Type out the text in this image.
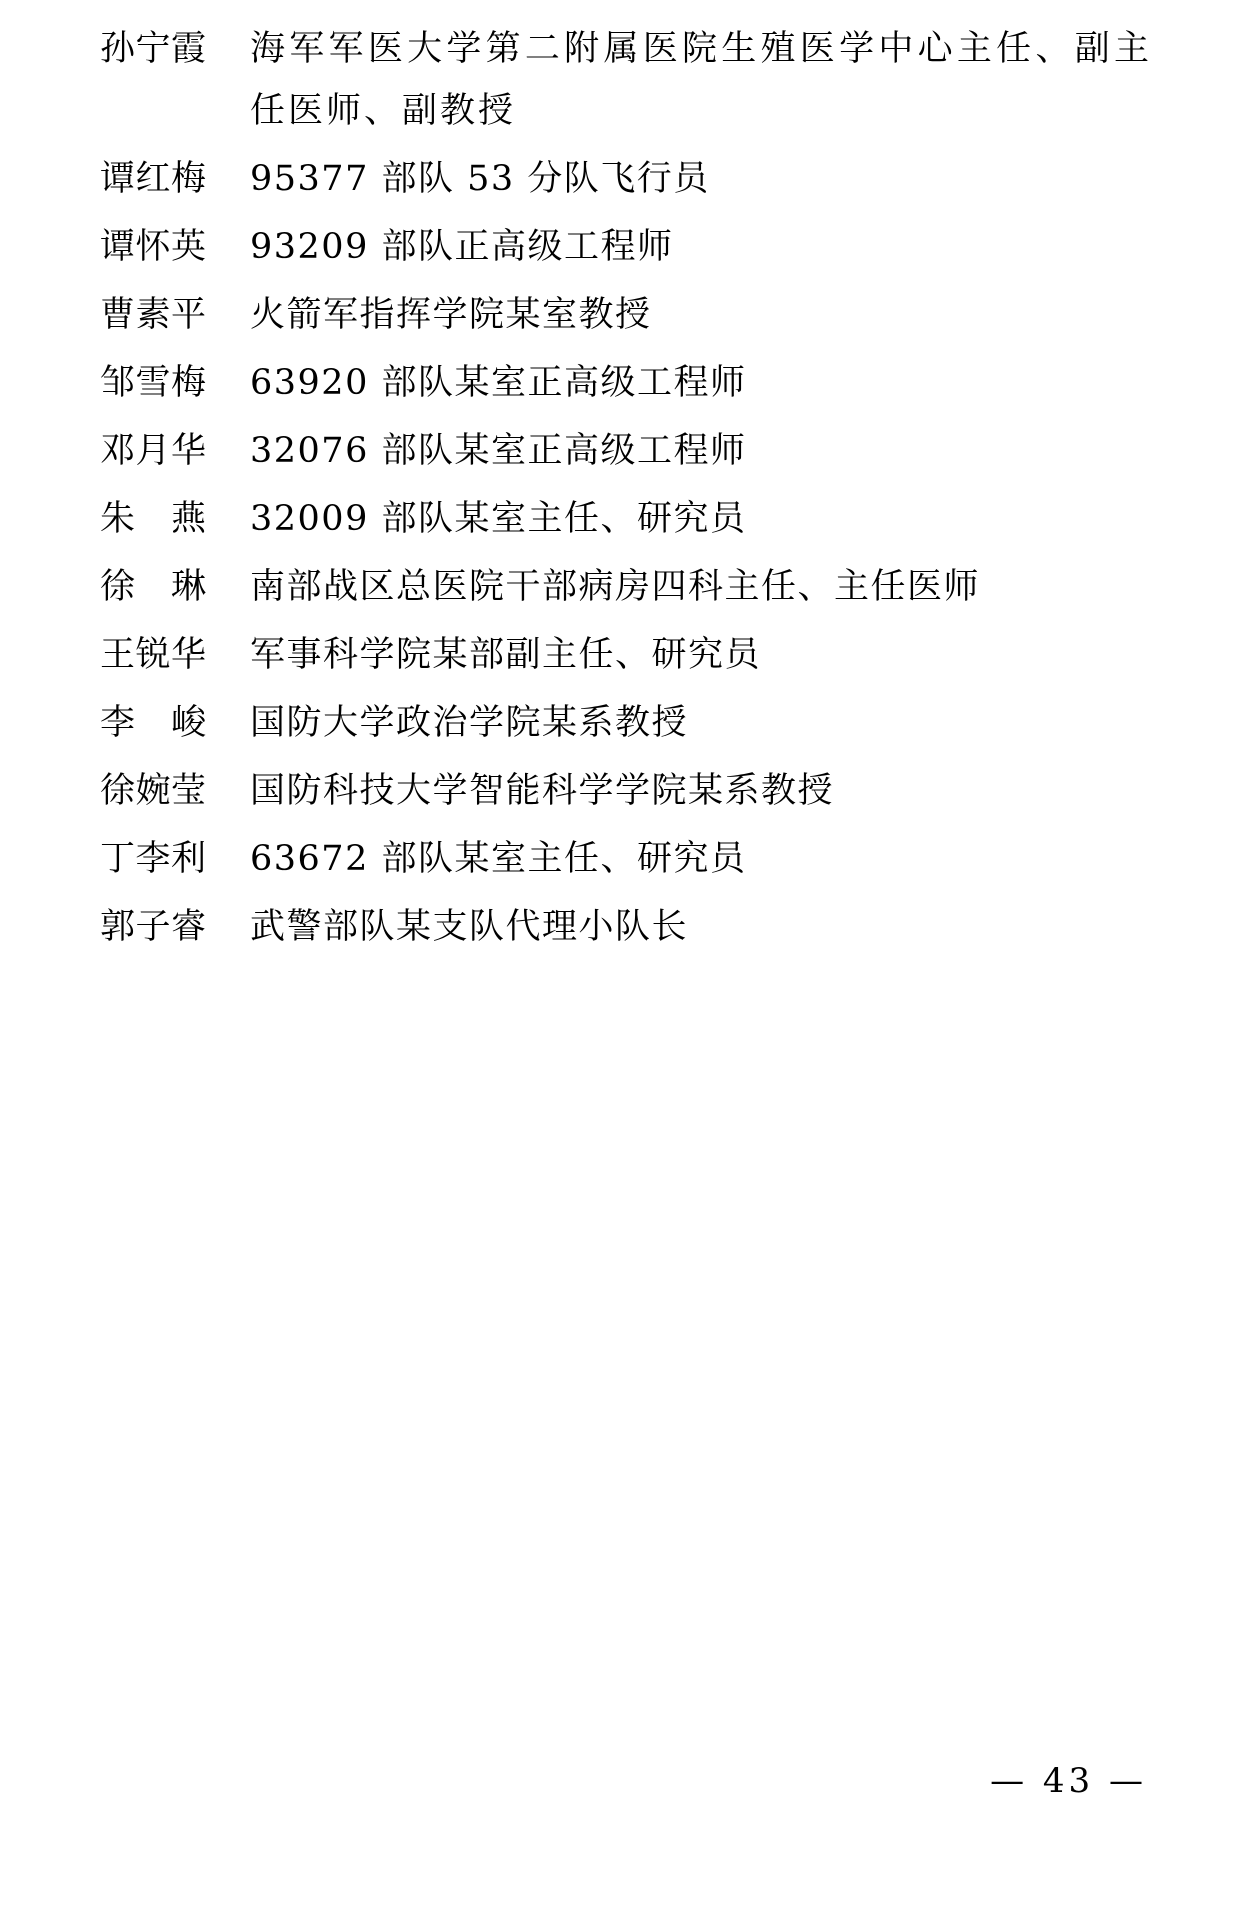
孙宁霞	海军军医大学第二附属医院生殖医学中心主任、副主任医师、副教授
谭红梅	95377 部队 53 分队飞行员
谭怀英	93209 部队正高级工程师
曹素平	火箭军指挥学院某室教授
邹雪梅	63920 部队某室正高级工程师
邓月华	32076 部队某室正高级工程师
朱　燕	32009 部队某室主任、研究员
徐　琳	南部战区总医院干部病房四科主任、主任医师
王锐华	军事科学院某部副主任、研究员
李　峻	国防大学政治学院某系教授
徐婉莹	国防科技大学智能科学学院某系教授
丁李利	63672 部队某室主任、研究员
郭子睿	武警部队某支队代理小队长
— 43 —
